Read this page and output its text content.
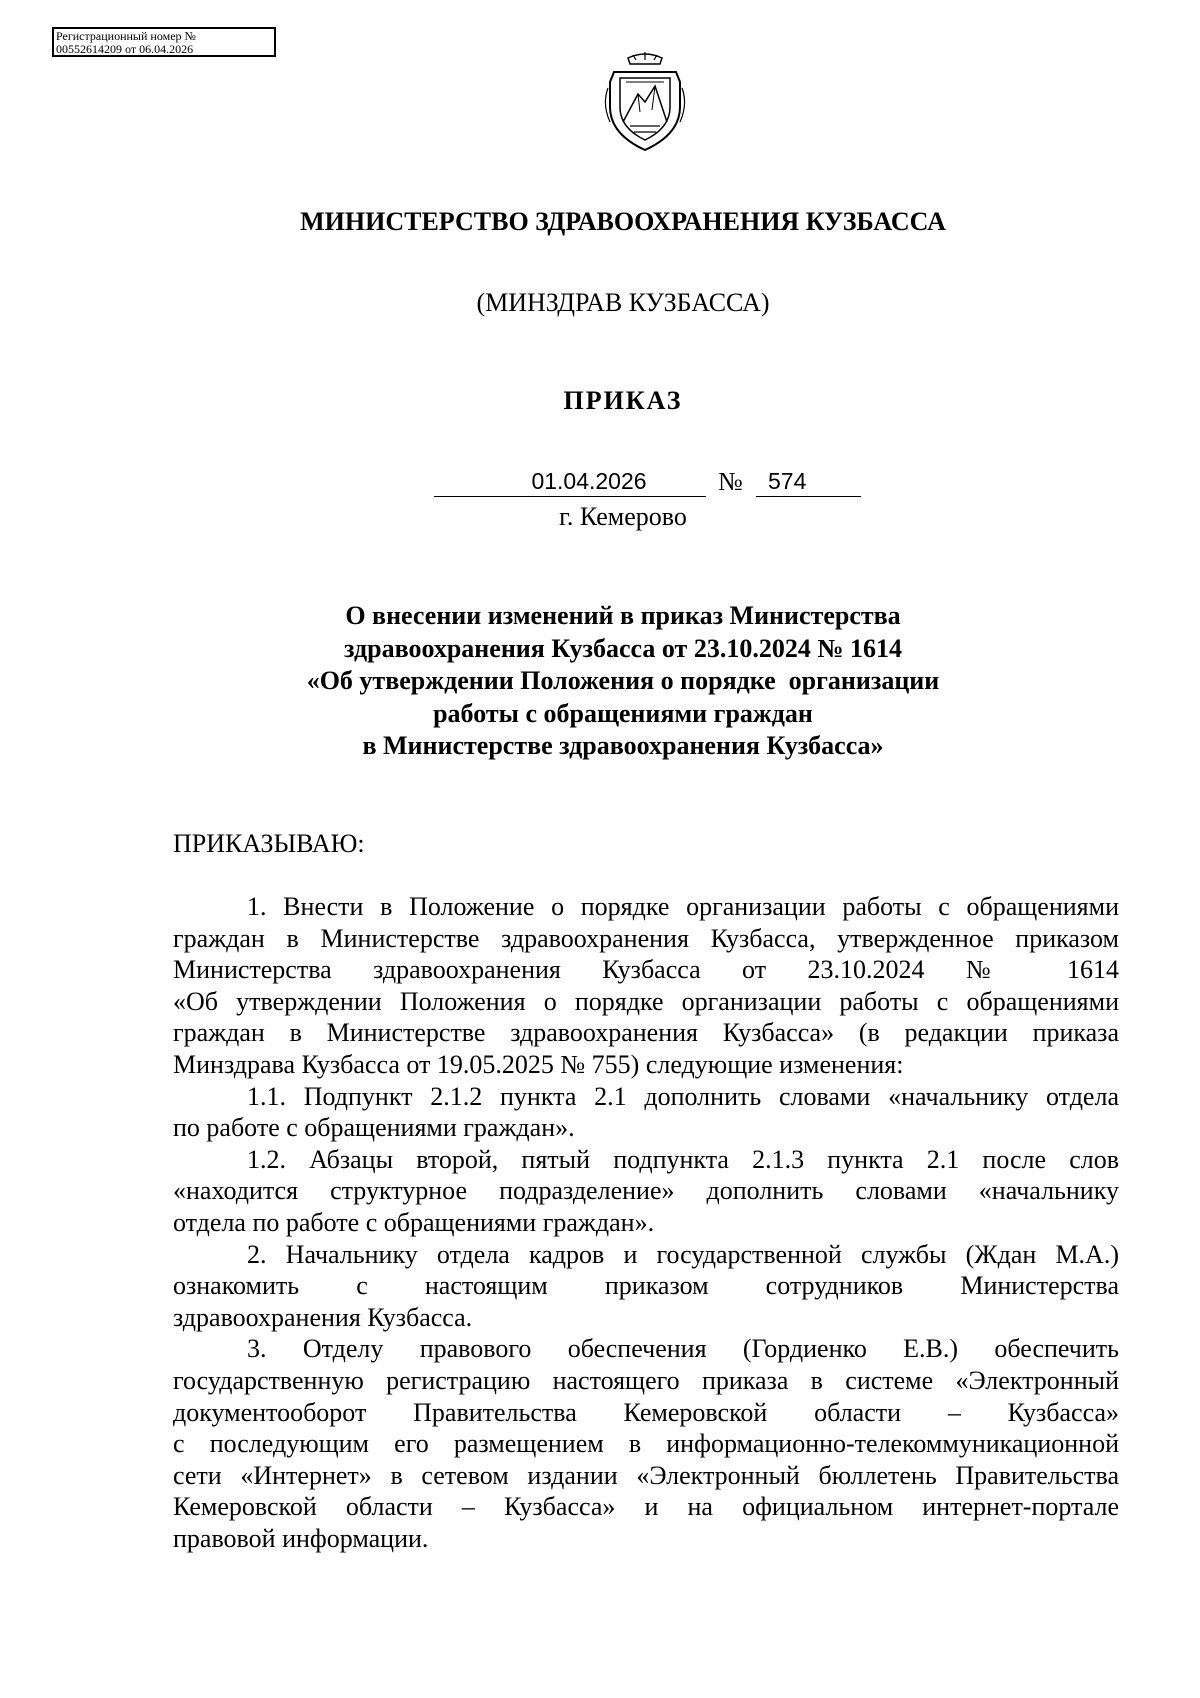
Регистрационный номер №
00552614209 от 06.04.2026
МИНИСТЕРСТВО ЗДРАВООХРАНЕНИЯ КУЗБАССА
(МИНЗДРАВ КУЗБАССА)
ПРИКАЗ
01.04.2026	№	574
г. Кемерово
О внесении изменений в приказ Министерства
здравоохранения Кузбасса от 23.10.2024 № 1614
«Об утверждении Положения о порядке  организации
работы с обращениями граждан
в Министерстве здравоохранения Кузбасса»
ПРИКАЗЫВАЮ:
1. Внести в Положение о порядке организации работы с обращениями
граждан в Министерстве здравоохранения Кузбасса, утвержденное приказом
Министерства здравоохранения Кузбасса от 23.10.2024 № 1614
«Об утверждении Положения о порядке организации работы с обращениями
граждан в Министерстве здравоохранения Кузбасса» (в редакции приказа
Минздрава Кузбасса от 19.05.2025 № 755) следующие изменения:
1.1. Подпункт 2.1.2 пункта 2.1 дополнить словами «начальнику отдела
по работе с обращениями граждан».
1.2. Абзацы второй, пятый подпункта 2.1.3 пункта 2.1 после слов
«находится структурное подразделение» дополнить словами «начальнику
отдела по работе с обращениями граждан».
2. Начальнику отдела кадров и государственной службы (Ждан М.А.)
ознакомить с настоящим приказом сотрудников Министерства
здравоохранения Кузбасса.
3. Отделу правового обеспечения (Гордиенко Е.В.) обеспечить
государственную регистрацию настоящего приказа в системе «Электронный
документооборот Правительства Кемеровской области – Кузбасса»
с последующим его размещением в информационно-телекоммуникационной
сети «Интернет» в сетевом издании «Электронный бюллетень Правительства
Кемеровской области – Кузбасса» и на официальном интернет-портале
правовой информации.
